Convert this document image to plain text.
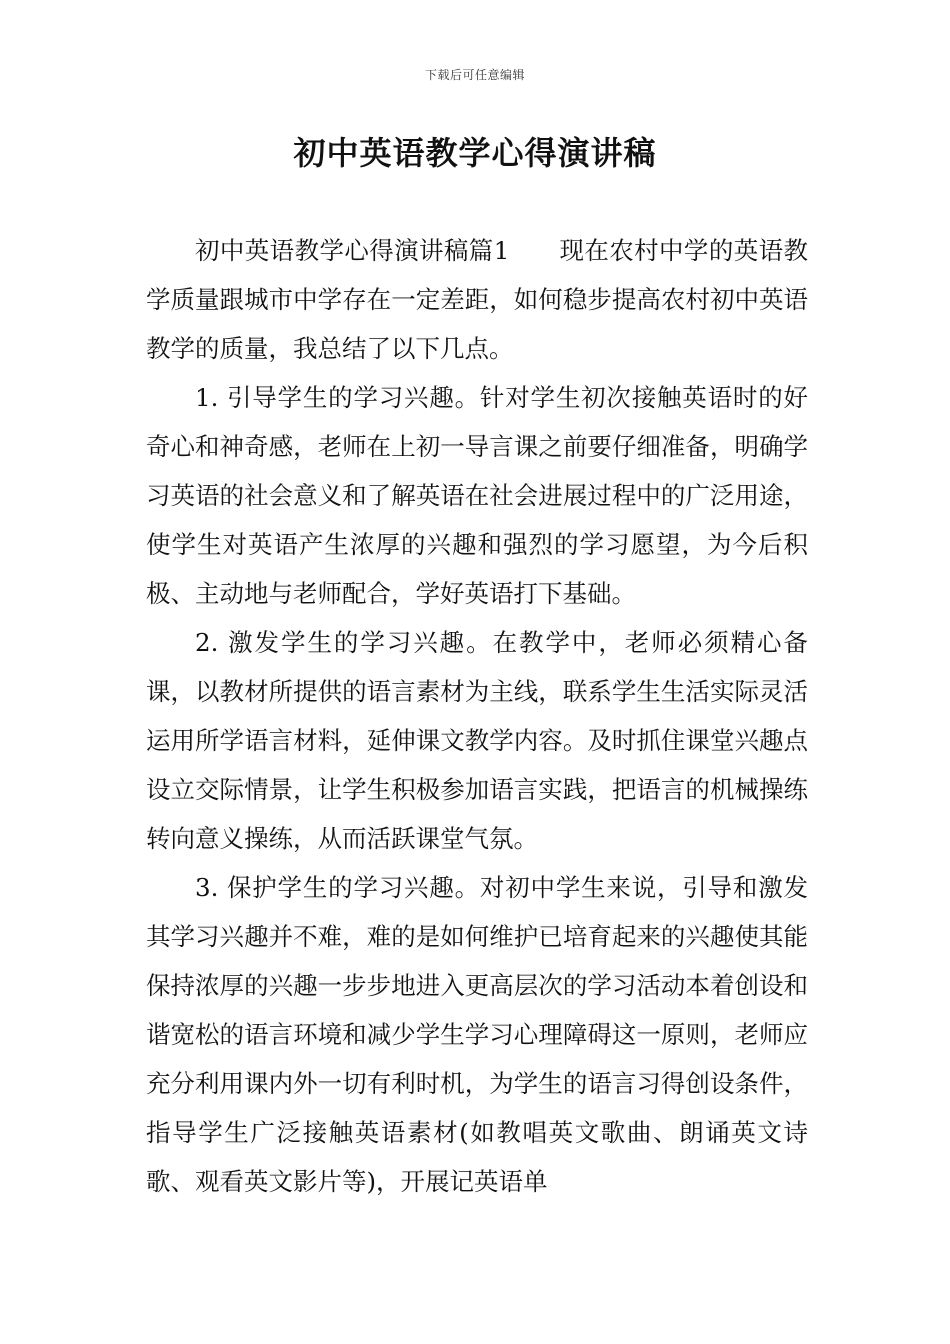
下载后可任意编辑
初中英语教学心得演讲稿

初中英语教学心得演讲稿篇1　　现在农村中学的英语教学质量跟城市中学存在一定差距，如何稳步提高农村初中英语教学的质量，我总结了以下几点。

1. 引导学生的学习兴趣。针对学生初次接触英语时的好奇心和神奇感，老师在上初一导言课之前要仔细准备，明确学习英语的社会意义和了解英语在社会进展过程中的广泛用途，使学生对英语产生浓厚的兴趣和强烈的学习愿望，为今后积极、主动地与老师配合，学好英语打下基础。

2. 激发学生的学习兴趣。在教学中，老师必须精心备课，以教材所提供的语言素材为主线，联系学生生活实际灵活运用所学语言材料，延伸课文教学内容。及时抓住课堂兴趣点设立交际情景，让学生积极参加语言实践，把语言的机械操练转向意义操练，从而活跃课堂气氛。

3. 保护学生的学习兴趣。对初中学生来说，引导和激发其学习兴趣并不难，难的是如何维护已培育起来的兴趣使其能保持浓厚的兴趣一步步地进入更高层次的学习活动本着创设和谐宽松的语言环境和减少学生学习心理障碍这一原则，老师应充分利用课内外一切有利时机，为学生的语言习得创设条件，指导学生广泛接触英语素材(如教唱英文歌曲、朗诵英文诗歌、观看英文影片等)，开展记英语单
